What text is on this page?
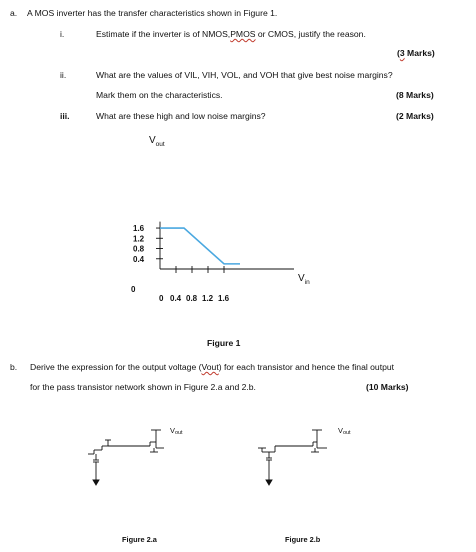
a. A MOS inverter has the transfer characteristics shown in Figure 1.
i.	Estimate if the inverter is of NMOS,PMOS or CMOS, justify the reason.
(3 Marks)
ii.	What are the values of VIL, VIH, VOL, and VOH that give best noise margins?
Mark them on the characteristics.	(8 Marks)
iii.	What are these high and low noise margins?	(2 Marks)
$V_{out}$
$V_{in}$
0
0
Figure 1
1.6
1.2
0.8
0.4
0.4 0.8 1.2 1.6
b. Derive the expression for the output voltage (Vout) for each transistor and hence the final output
for the pass transistor network shown in Figure 2.a and 2.b.	(10 Marks)
Vout
Figure 2.a
Vout
Figure 2.b
